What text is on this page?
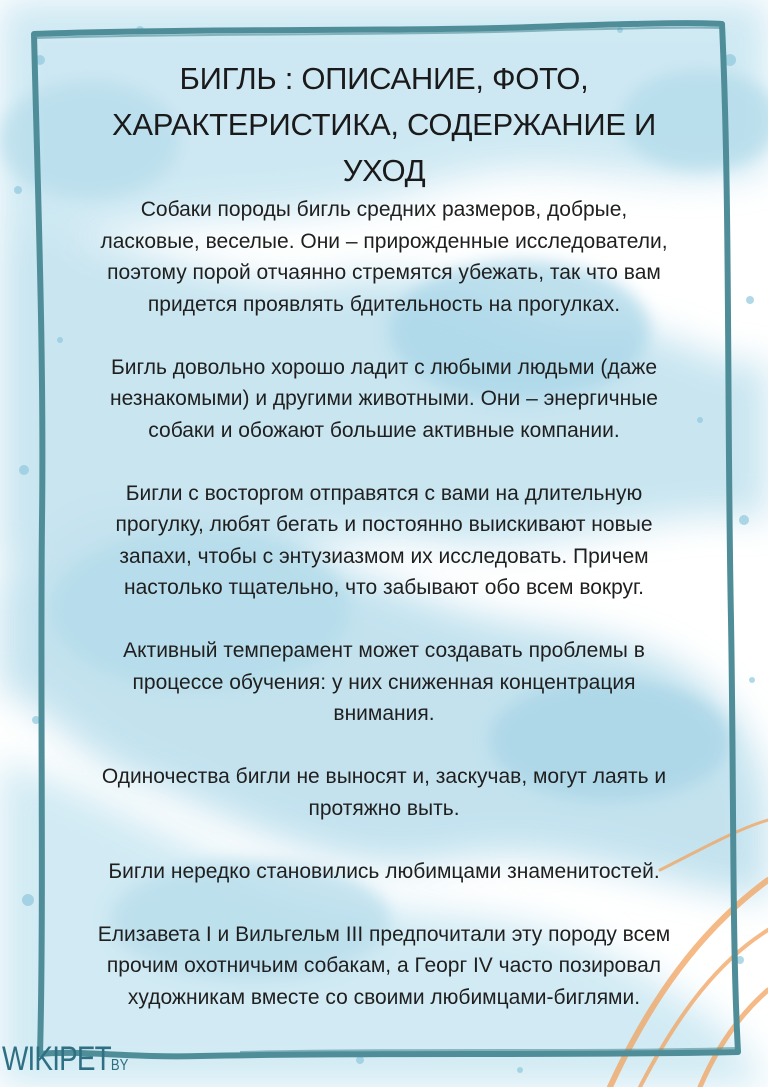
БИГЛЬ : ОПИСАНИЕ, ФОТО,
ХАРАКТЕРИСТИКА, СОДЕРЖАНИЕ И
УХОД

Собаки породы бигль средних размеров, добрые,
ласковые, веселые. Они – прирожденные исследователи,
поэтому порой отчаянно стремятся убежать, так что вам
придется проявлять бдительность на прогулках.

Бигль довольно хорошо ладит с любыми людьми (даже
незнакомыми) и другими животными. Они – энергичные
собаки и обожают большие активные компании.

Бигли с восторгом отправятся с вами на длительную
прогулку, любят бегать и постоянно выискивают новые
запахи, чтобы с энтузиазмом их исследовать. Причем
настолько тщательно, что забывают обо всем вокруг.

Активный темперамент может создавать проблемы в
процессе обучения: у них сниженная концентрация
внимания.

Одиночества бигли не выносят и, заскучав, могут лаять и
протяжно выть.

Бигли нередко становились любимцами знаменитостей.

Елизавета I и Вильгельм III предпочитали эту породу всем
прочим охотничьим собакам, а Георг IV часто позировал
художникам вместе со своими любимцами-биглями.

WIKIPETBY
